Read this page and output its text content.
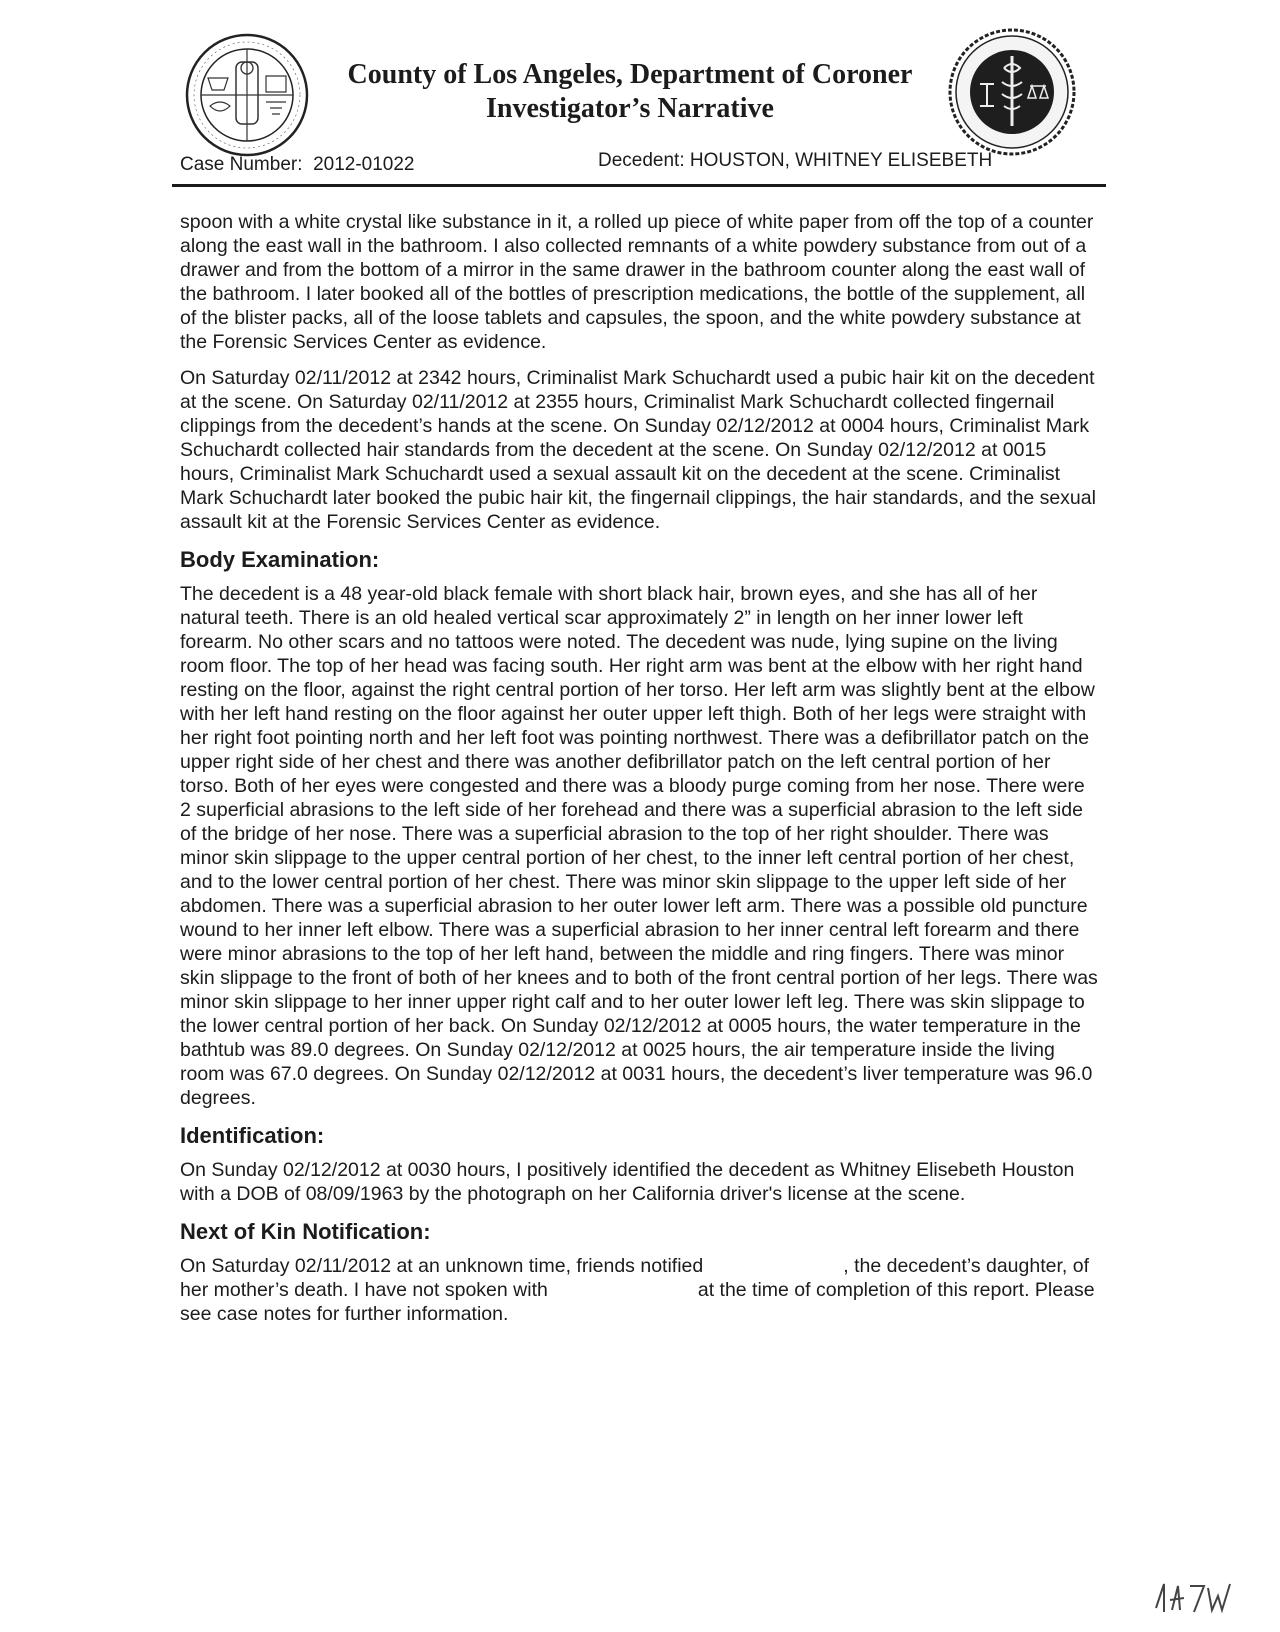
County of Los Angeles, Department of Coroner
Investigator’s Narrative
Case Number: 2012-01022	Decedent: HOUSTON, WHITNEY ELISEBETH

spoon with a white crystal like substance in it, a rolled up piece of white paper from off the top of a counter along the east wall in the bathroom. I also collected remnants of a white powdery substance from out of a drawer and from the bottom of a mirror in the same drawer in the bathroom counter along the east wall of the bathroom. I later booked all of the bottles of prescription medications, the bottle of the supplement, all of the blister packs, all of the loose tablets and capsules, the spoon, and the white powdery substance at the Forensic Services Center as evidence.

On Saturday 02/11/2012 at 2342 hours, Criminalist Mark Schuchardt used a pubic hair kit on the decedent at the scene. On Saturday 02/11/2012 at 2355 hours, Criminalist Mark Schuchardt collected fingernail clippings from the decedent’s hands at the scene. On Sunday 02/12/2012 at 0004 hours, Criminalist Mark Schuchardt collected hair standards from the decedent at the scene. On Sunday 02/12/2012 at 0015 hours, Criminalist Mark Schuchardt used a sexual assault kit on the decedent at the scene. Criminalist Mark Schuchardt later booked the pubic hair kit, the fingernail clippings, the hair standards, and the sexual assault kit at the Forensic Services Center as evidence.

Body Examination:

The decedent is a 48 year-old black female with short black hair, brown eyes, and she has all of her natural teeth. There is an old healed vertical scar approximately 2” in length on her inner lower left forearm. No other scars and no tattoos were noted. The decedent was nude, lying supine on the living room floor. The top of her head was facing south. Her right arm was bent at the elbow with her right hand resting on the floor, against the right central portion of her torso. Her left arm was slightly bent at the elbow with her left hand resting on the floor against her outer upper left thigh. Both of her legs were straight with her right foot pointing north and her left foot was pointing northwest. There was a defibrillator patch on the upper right side of her chest and there was another defibrillator patch on the left central portion of her torso. Both of her eyes were congested and there was a bloody purge coming from her nose. There were 2 superficial abrasions to the left side of her forehead and there was a superficial abrasion to the left side of the bridge of her nose. There was a superficial abrasion to the top of her right shoulder. There was minor skin slippage to the upper central portion of her chest, to the inner left central portion of her chest, and to the lower central portion of her chest. There was minor skin slippage to the upper left side of her abdomen. There was a superficial abrasion to her outer lower left arm. There was a possible old puncture wound to her inner left elbow. There was a superficial abrasion to her inner central left forearm and there were minor abrasions to the top of her left hand, between the middle and ring fingers. There was minor skin slippage to the front of both of her knees and to both of the front central portion of her legs. There was minor skin slippage to her inner upper right calf and to her outer lower left leg. There was skin slippage to the lower central portion of her back. On Sunday 02/12/2012 at 0005 hours, the water temperature in the bathtub was 89.0 degrees. On Sunday 02/12/2012 at 0025 hours, the air temperature inside the living room was 67.0 degrees. On Sunday 02/12/2012 at 0031 hours, the decedent’s liver temperature was 96.0 degrees.

Identification:

On Sunday 02/12/2012 at 0030 hours, I positively identified the decedent as Whitney Elisebeth Houston with a DOB of 08/09/1963 by the photograph on her California driver's license at the scene.

Next of Kin Notification:

On Saturday 02/11/2012 at an unknown time, friends notified	, the decedent’s daughter, of her mother’s death. I have not spoken with	at the time of completion of this report. Please see case notes for further information.
